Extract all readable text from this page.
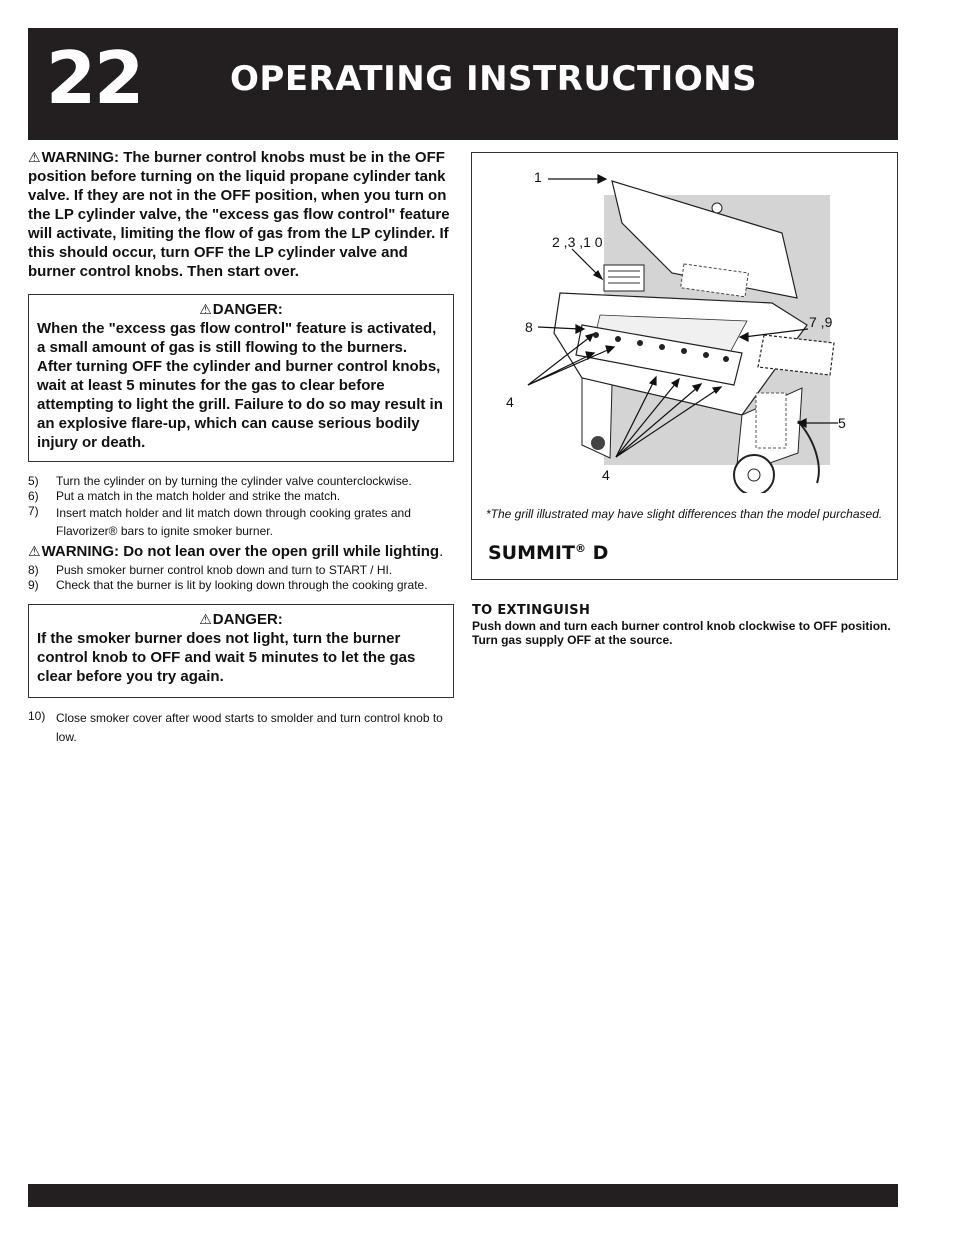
22	OPERATING INSTRUCTIONS

⚠WARNING: The burner control knobs must be in the OFF position before turning on the liquid propane cylinder tank valve. If they are not in the OFF position, when you turn on the LP cylinder valve, the "excess gas flow control" feature will activate, limiting the flow of gas from the LP cylinder. If this should occur, turn OFF the LP cylinder valve and burner control knobs. Then start over.

⚠DANGER:
When the "excess gas flow control" feature is activated, a small amount of gas is still flowing to the burners. After turning OFF the cylinder and burner control knobs, wait at least 5 minutes for the gas to clear before attempting to light the grill. Failure to do so may result in an explosive flare-up, which can cause serious bodily injury or death.
5)	Turn the cylinder on by turning the cylinder valve counterclockwise.
6)	Put a match in the match holder and strike the match.
7)	Insert match holder and lit match down through cooking grates and Flavorizer® bars to ignite smoker burner.
⚠WARNING: Do not lean over the open grill while lighting.
8)	Push smoker burner control knob down and turn to START / HI.
9)	Check that the burner is lit by looking down through the cooking grate.
⚠DANGER:
If the smoker burner does not light, turn the burner control knob to OFF and wait 5 minutes to let the gas clear before you try again.
10) Close smoker cover after wood starts to smolder and turn control knob to low.
1
2 ,3 ,1 0
8	7 ,9
4
5
4
*The grill illustrated may have slight differences than the model purchased.
SUMMIT® D
TO EXTINGUISH
Push down and turn each burner control knob clockwise to OFF position. Turn gas supply OFF at the source.
